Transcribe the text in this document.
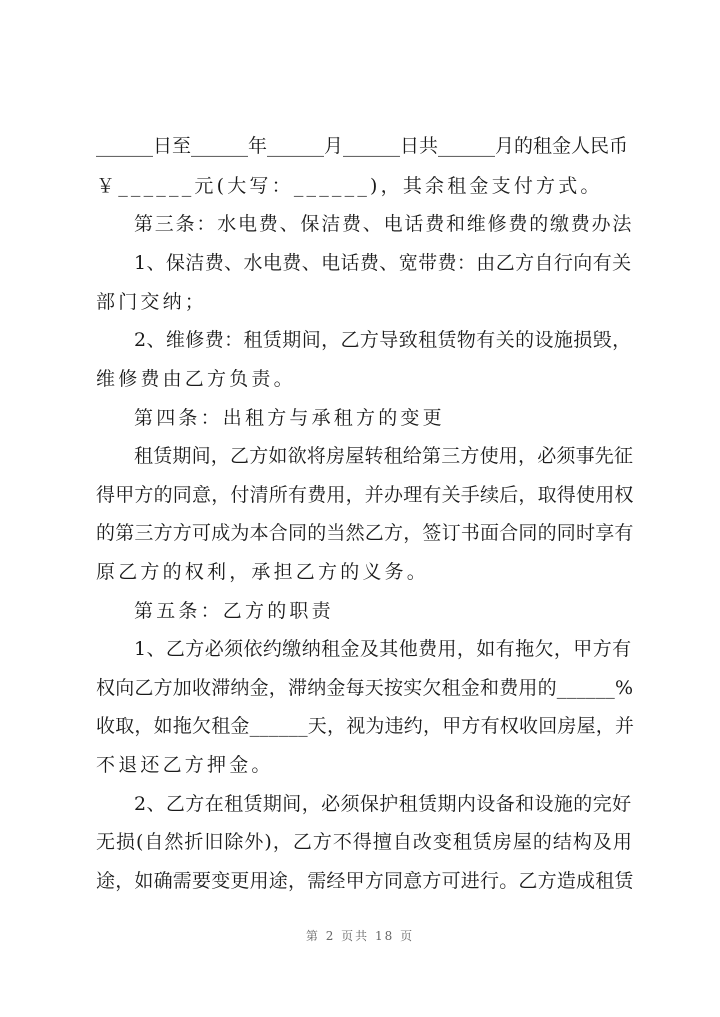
______日至______年______月______日共______月的租金人民币
￥______元(大写：______)，其余租金支付方式。
第三条：水电费、保洁费、电话费和维修费的缴费办法
1、保洁费、水电费、电话费、宽带费：由乙方自行向有关
部门交纳；
2、维修费：租赁期间，乙方导致租赁物有关的设施损毁，
维修费由乙方负责。
第四条：出租方与承租方的变更
租赁期间，乙方如欲将房屋转租给第三方使用，必须事先征
得甲方的同意，付清所有费用，并办理有关手续后，取得使用权
的第三方方可成为本合同的当然乙方，签订书面合同的同时享有
原乙方的权利，承担乙方的义务。
第五条：乙方的职责
1、乙方必须依约缴纳租金及其他费用，如有拖欠，甲方有
权向乙方加收滞纳金，滞纳金每天按实欠租金和费用的______%
收取，如拖欠租金______天，视为违约，甲方有权收回房屋，并
不退还乙方押金。
2、乙方在租赁期间，必须保护租赁期内设备和设施的完好
无损(自然折旧除外)，乙方不得擅自改变租赁房屋的结构及用
途，如确需要变更用途，需经甲方同意方可进行。乙方造成租赁
第 2 页共 18 页
